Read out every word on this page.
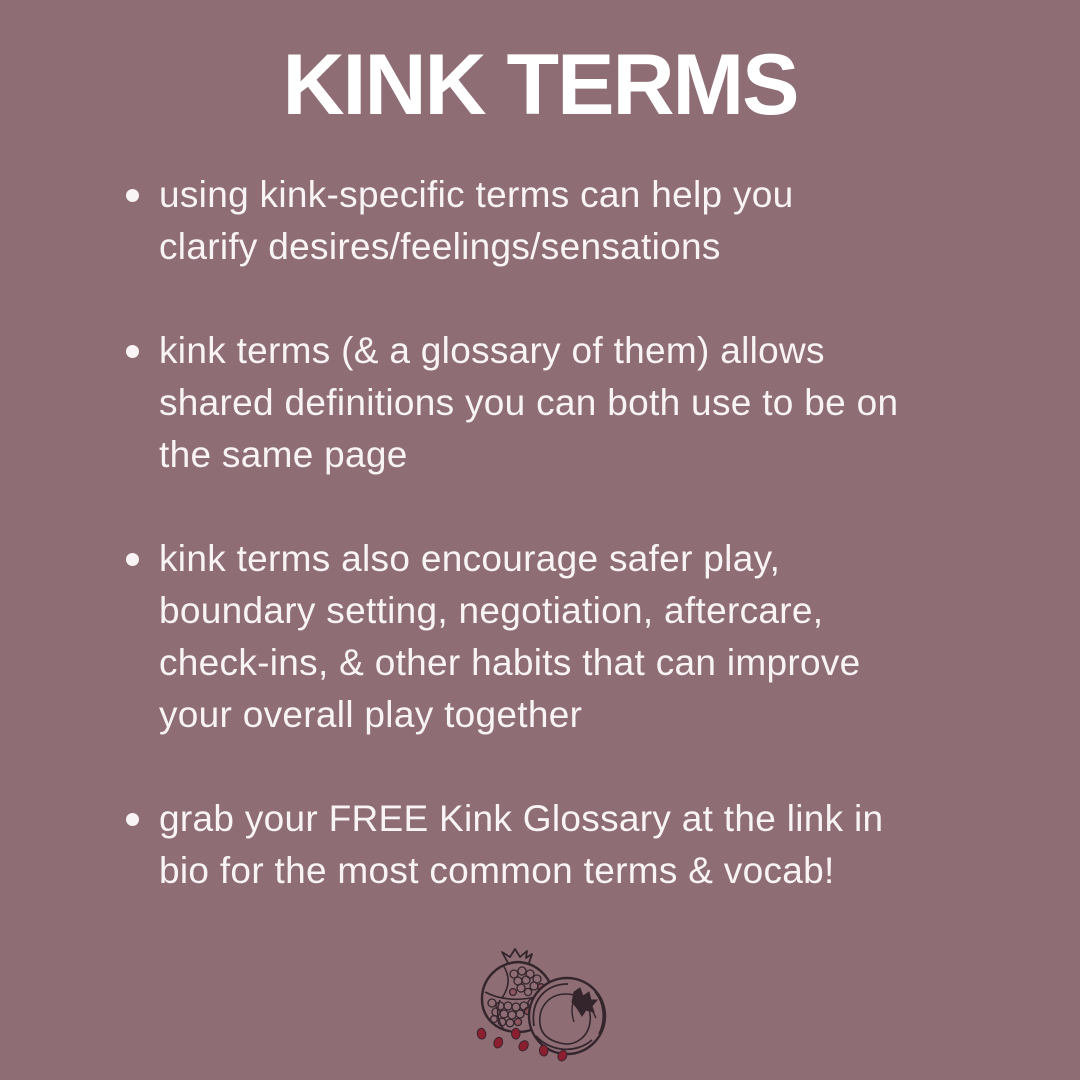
KINK TERMS
using kink-specific terms can help you
clarify desires/feelings/sensations
kink terms (& a glossary of them) allows
shared definitions you can both use to be on
the same page
kink terms also encourage safer play,
boundary setting, negotiation, aftercare,
check-ins, & other habits that can improve
your overall play together
grab your FREE Kink Glossary at the link in
bio for the most common terms & vocab!
